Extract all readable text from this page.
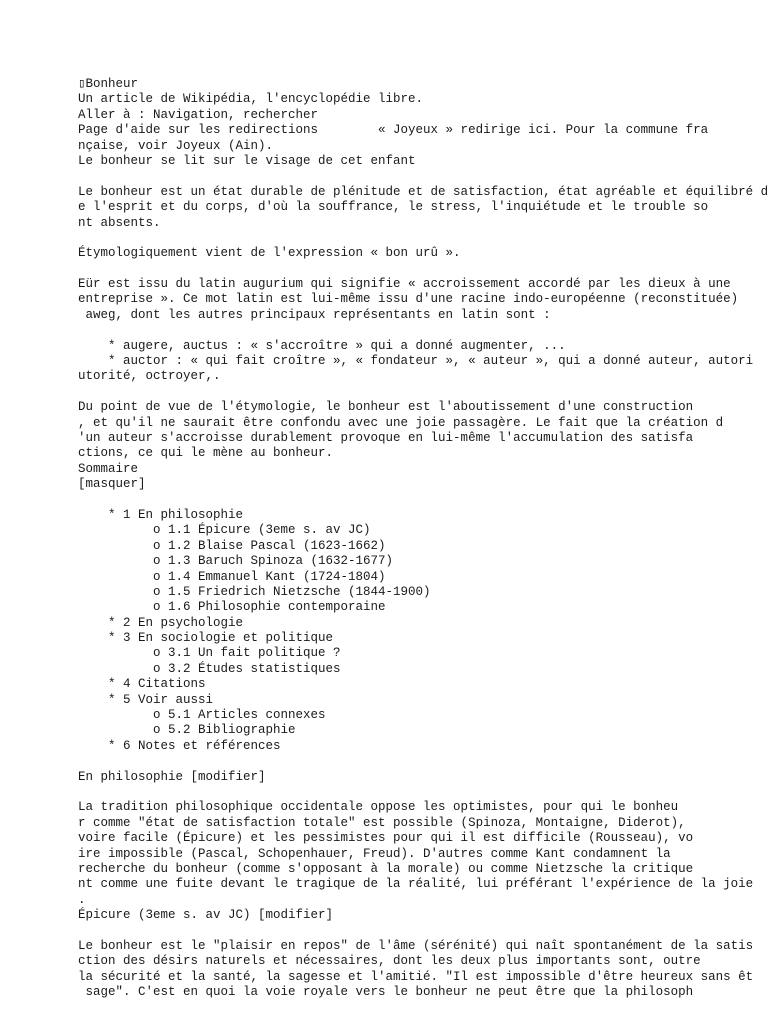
▯Bonheur
Un article de Wikipédia, l'encyclopédie libre.
Aller à : Navigation, rechercher
Page d'aide sur les redirections        « Joyeux » redirige ici. Pour la commune fra
nçaise, voir Joyeux (Ain).
Le bonheur se lit sur le visage de cet enfant
Le bonheur est un état durable de plénitude et de satisfaction, état agréable et équilibré d
e l'esprit et du corps, d'où la souffrance, le stress, l'inquiétude et le trouble so
nt absents.
Étymologiquement vient de l'expression « bon urû ».
Eür est issu du latin augurium qui signifie « accroissement accordé par les dieux à une
entreprise ». Ce mot latin est lui-même issu d'une racine indo-européenne (reconstituée)
aweg, dont les autres principaux représentants en latin sont :
* augere, auctus : « s'accroître » qui a donné augmenter, ...
* auctor : « qui fait croître », « fondateur », « auteur », qui a donné auteur, autori
utorité, octroyer,.
Du point de vue de l'étymologie, le bonheur est l'aboutissement d'une construction
, et qu'il ne saurait être confondu avec une joie passagère. Le fait que la création d
'un auteur s'accroisse durablement provoque en lui-même l'accumulation des satisfa
ctions, ce qui le mène au bonheur.
Sommaire
[masquer]
* 1 En philosophie
o 1.1 Épicure (3eme s. av JC)
o 1.2 Blaise Pascal (1623-1662)
o 1.3 Baruch Spinoza (1632-1677)
o 1.4 Emmanuel Kant (1724-1804)
o 1.5 Friedrich Nietzsche (1844-1900)
o 1.6 Philosophie contemporaine
* 2 En psychologie
* 3 En sociologie et politique
o 3.1 Un fait politique ?
o 3.2 Études statistiques
* 4 Citations
* 5 Voir aussi
o 5.1 Articles connexes
o 5.2 Bibliographie
* 6 Notes et références
En philosophie [modifier]
La tradition philosophique occidentale oppose les optimistes, pour qui le bonheu
r comme "état de satisfaction totale" est possible (Spinoza, Montaigne, Diderot),
voire facile (Épicure) et les pessimistes pour qui il est difficile (Rousseau), vo
ire impossible (Pascal, Schopenhauer, Freud). D'autres comme Kant condamnent la
recherche du bonheur (comme s'opposant à la morale) ou comme Nietzsche la critique
nt comme une fuite devant le tragique de la réalité, lui préférant l'expérience de la joie
.
Épicure (3eme s. av JC) [modifier]
Le bonheur est le "plaisir en repos" de l'âme (sérénité) qui naît spontanément de la satis
ction des désirs naturels et nécessaires, dont les deux plus importants sont, outre
la sécurité et la santé, la sagesse et l'amitié. "Il est impossible d'être heureux sans êt
sage". C'est en quoi la voie royale vers le bonheur ne peut être que la philosoph
